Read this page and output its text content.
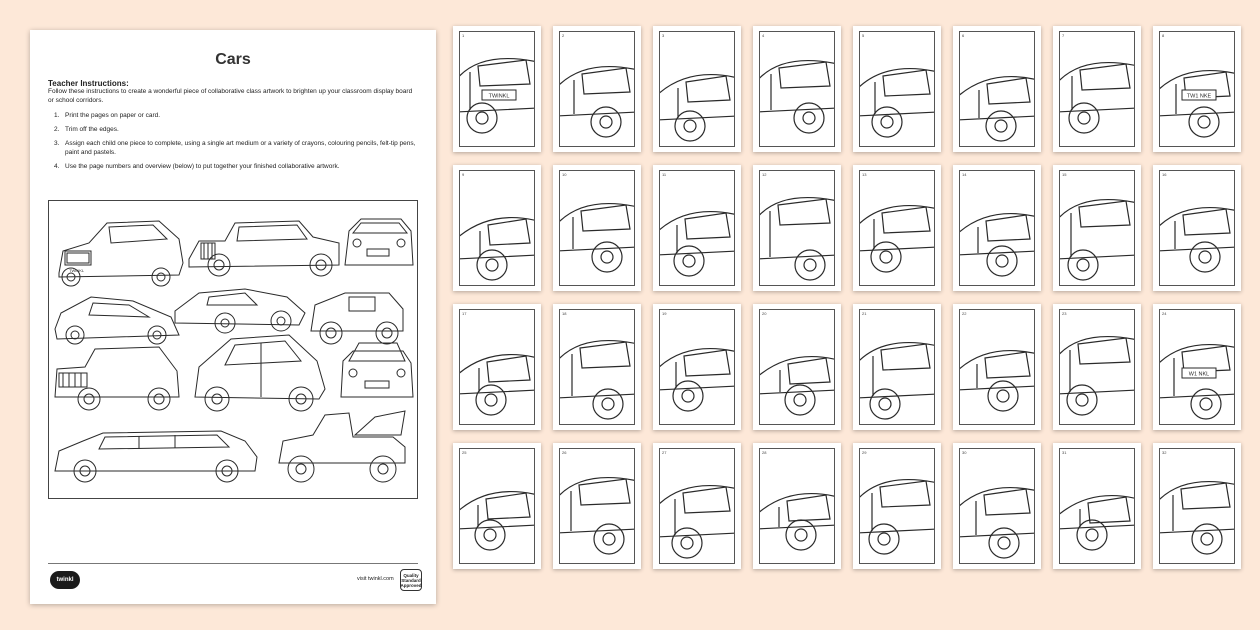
Cars
Teacher Instructions:

Follow these instructions to create a wonderful piece of collaborative class artwork to brighten up your classroom display board or school corridors.

1. Print the pages on paper or card.
2. Trim off the edges.
3. Assign each child one piece to complete, using a single art medium or a variety of crayons, colouring pencils, felt-tip pens, paint and pastels.
4. Use the page numbers and overview (below) to put together your finished collaborative artwork.
TWINKL
twinkl	visit twinkl.com
Quality Standard Approved
1
TWINKL
2	3	4	5	6	7	8
TW1 NKE
9	10	11	12	13	14	15	16
17	18	19	20	21	22	23	24
W1 NKL
25	26	27	28	29	30	31	32
